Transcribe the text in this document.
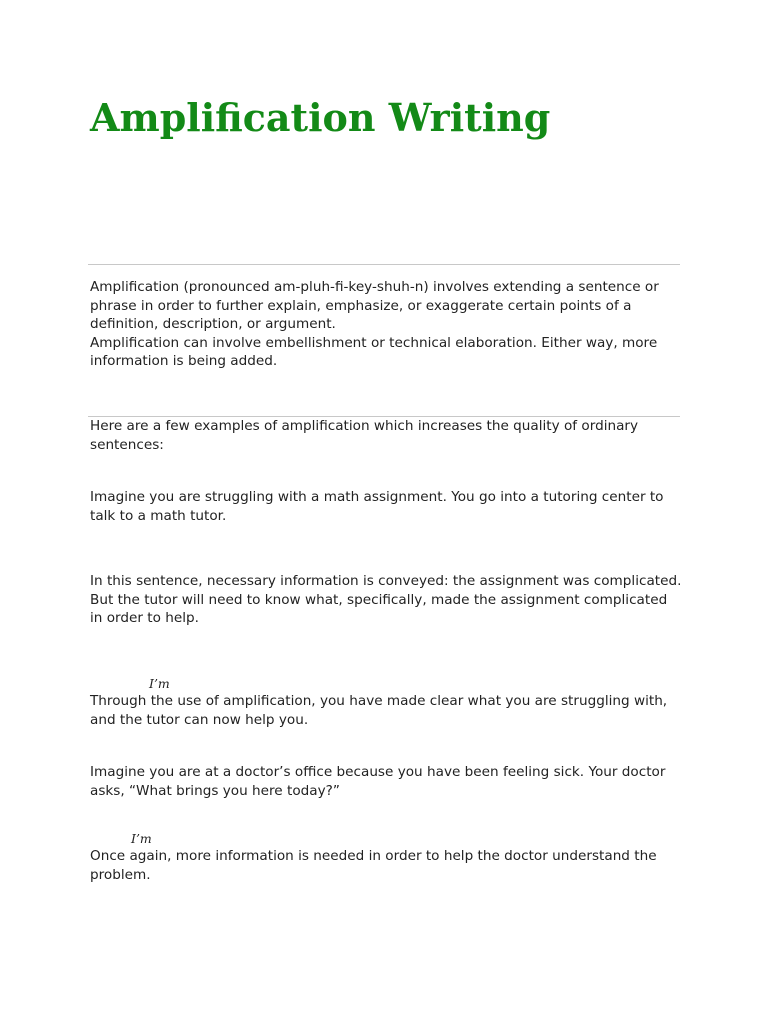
Amplification Writing

Amplification (pronounced am-pluh-fi-key-shuh-n) involves extending a sentence or phrase in order to further explain, emphasize, or exaggerate certain points of a definition, description, or argument.
Amplification can involve embellishment or technical elaboration. Either way, more information is being added.

Here are a few examples of amplification which increases the quality of ordinary sentences:

Imagine you are struggling with a math assignment. You go into a tutoring center to talk to a math tutor.

In this sentence, necessary information is conveyed: the assignment was complicated. But the tutor will need to know what, specifically, made the assignment complicated in order to help.

I’m

Through the use of amplification, you have made clear what you are struggling with, and the tutor can now help you.

Imagine you are at a doctor’s office because you have been feeling sick. Your doctor asks, “What brings you here today?”

I’m

Once again, more information is needed in order to help the doctor understand the problem.
